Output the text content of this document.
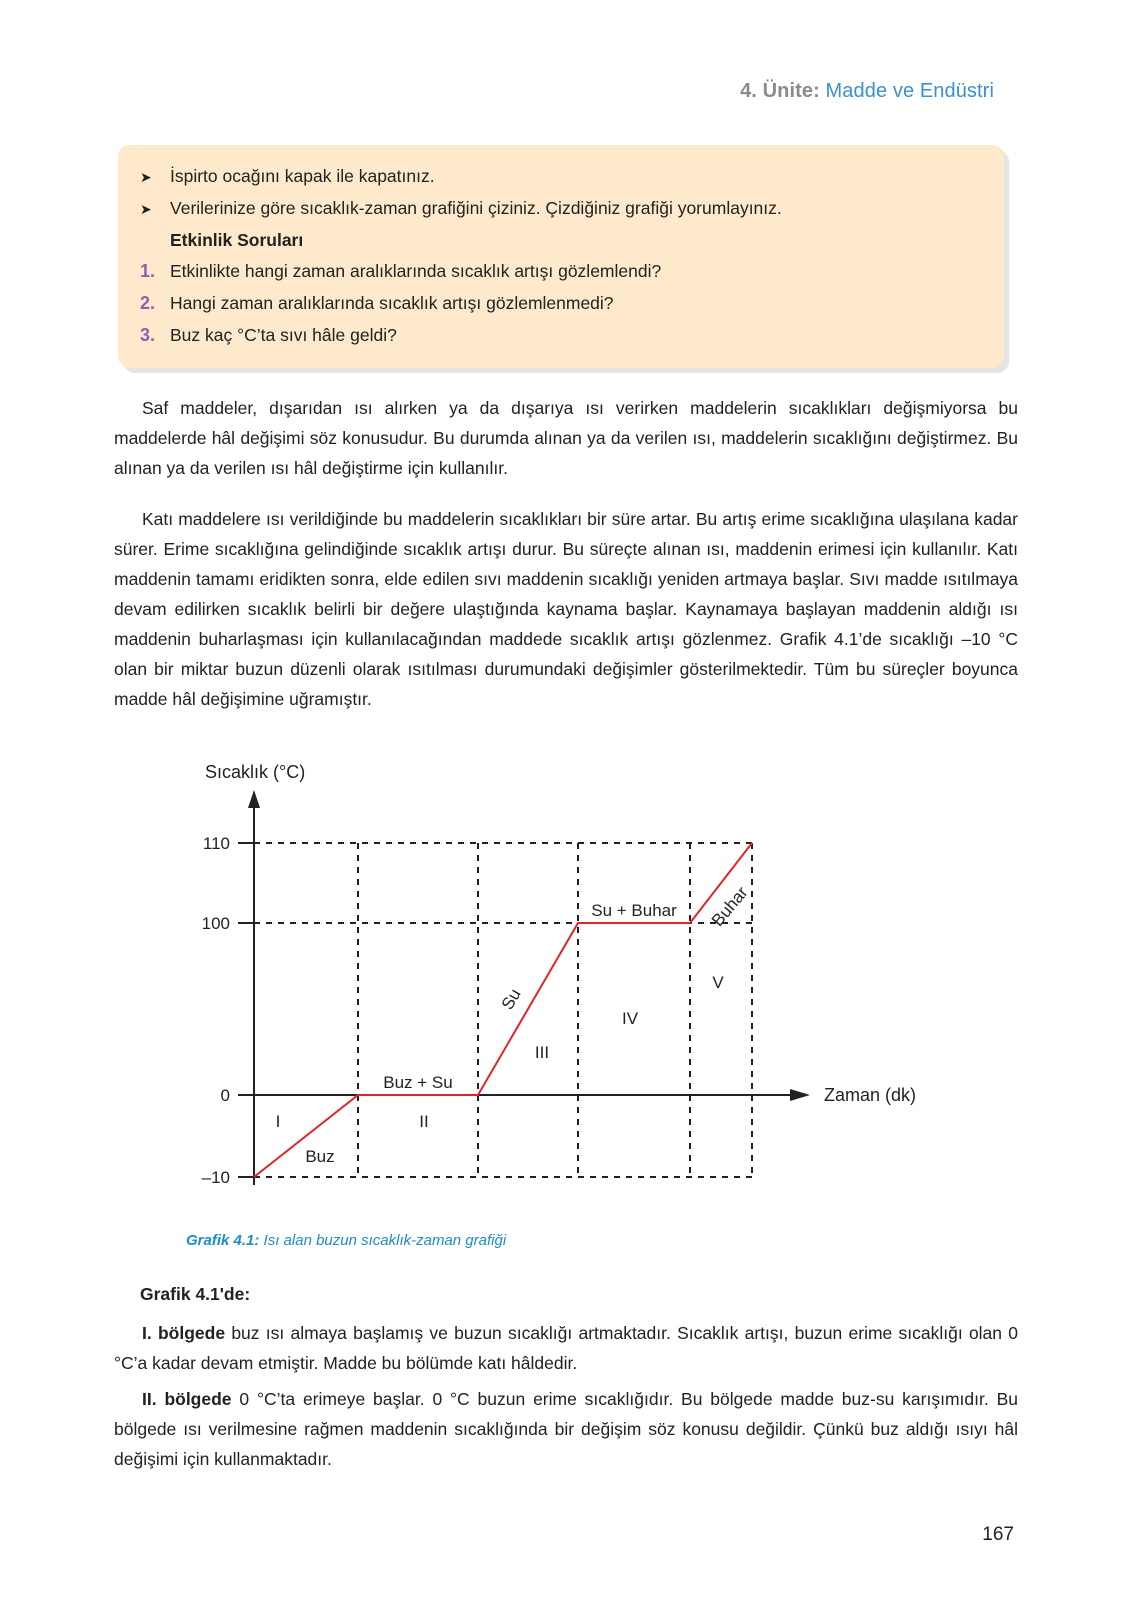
4. Ünite: Madde ve Endüstri
➤ İspirto ocağını kapak ile kapatınız.
➤ Verilerinize göre sıcaklık-zaman grafiğini çiziniz. Çizdiğiniz grafiği yorumlayınız.
Etkinlik Soruları
1. Etkinlikte hangi zaman aralıklarında sıcaklık artışı gözlemlendi?
2. Hangi zaman aralıklarında sıcaklık artışı gözlemlenmedi?
3. Buz kaç °C’ta sıvı hâle geldi?

Saf maddeler, dışarıdan ısı alırken ya da dışarıya ısı verirken maddelerin sıcaklıkları değişmiyorsa bu maddelerde hâl değişimi söz konusudur. Bu durumda alınan ya da verilen ısı, maddelerin sıcaklığını değiştirmez. Bu alınan ya da verilen ısı hâl değiştirme için kullanılır.

Katı maddelere ısı verildiğinde bu maddelerin sıcaklıkları bir süre artar. Bu artış erime sıcaklığına ulaşılana kadar sürer. Erime sıcaklığına gelindiğinde sıcaklık artışı durur. Bu süreçte alınan ısı, maddenin erimesi için kullanılır. Katı maddenin tamamı eridikten sonra, elde edilen sıvı maddenin sıcaklığı yeniden artmaya başlar. Sıvı madde ısıtılmaya devam edilirken sıcaklık belirli bir değere ulaştığında kaynama başlar. Kaynamaya başlayan maddenin aldığı ısı maddenin buharlaşması için kullanılacağından maddede sıcaklık artışı gözlenmez. Grafik 4.1’de sıcaklığı –10 °C olan bir miktar buzun düzenli olarak ısıtılması durumundaki değişimler gösterilmektedir. Tüm bu süreçler boyunca madde hâl değişimine uğramıştır.

110
100
0
–10
Sıcaklık (°C)
Zaman (dk)
I	II
III
IV
V
Buz
Buz + Su
Su
Su + Buhar Buhar
Grafik 4.1: Isı alan buzun sıcaklık-zaman grafiği
Grafik 4.1'de:

I. bölgede buz ısı almaya başlamış ve buzun sıcaklığı artmaktadır. Sıcaklık artışı, buzun erime sıcaklığı olan 0 °C’a kadar devam etmiştir. Madde bu bölümde katı hâldedir.

II. bölgede 0 °C’ta erimeye başlar. 0 °C buzun erime sıcaklığıdır. Bu bölgede madde buz-su karışımıdır. Bu bölgede ısı verilmesine rağmen maddenin sıcaklığında bir değişim söz konusu değildir. Çünkü buz aldığı ısıyı hâl değişimi için kullanmaktadır.

167
